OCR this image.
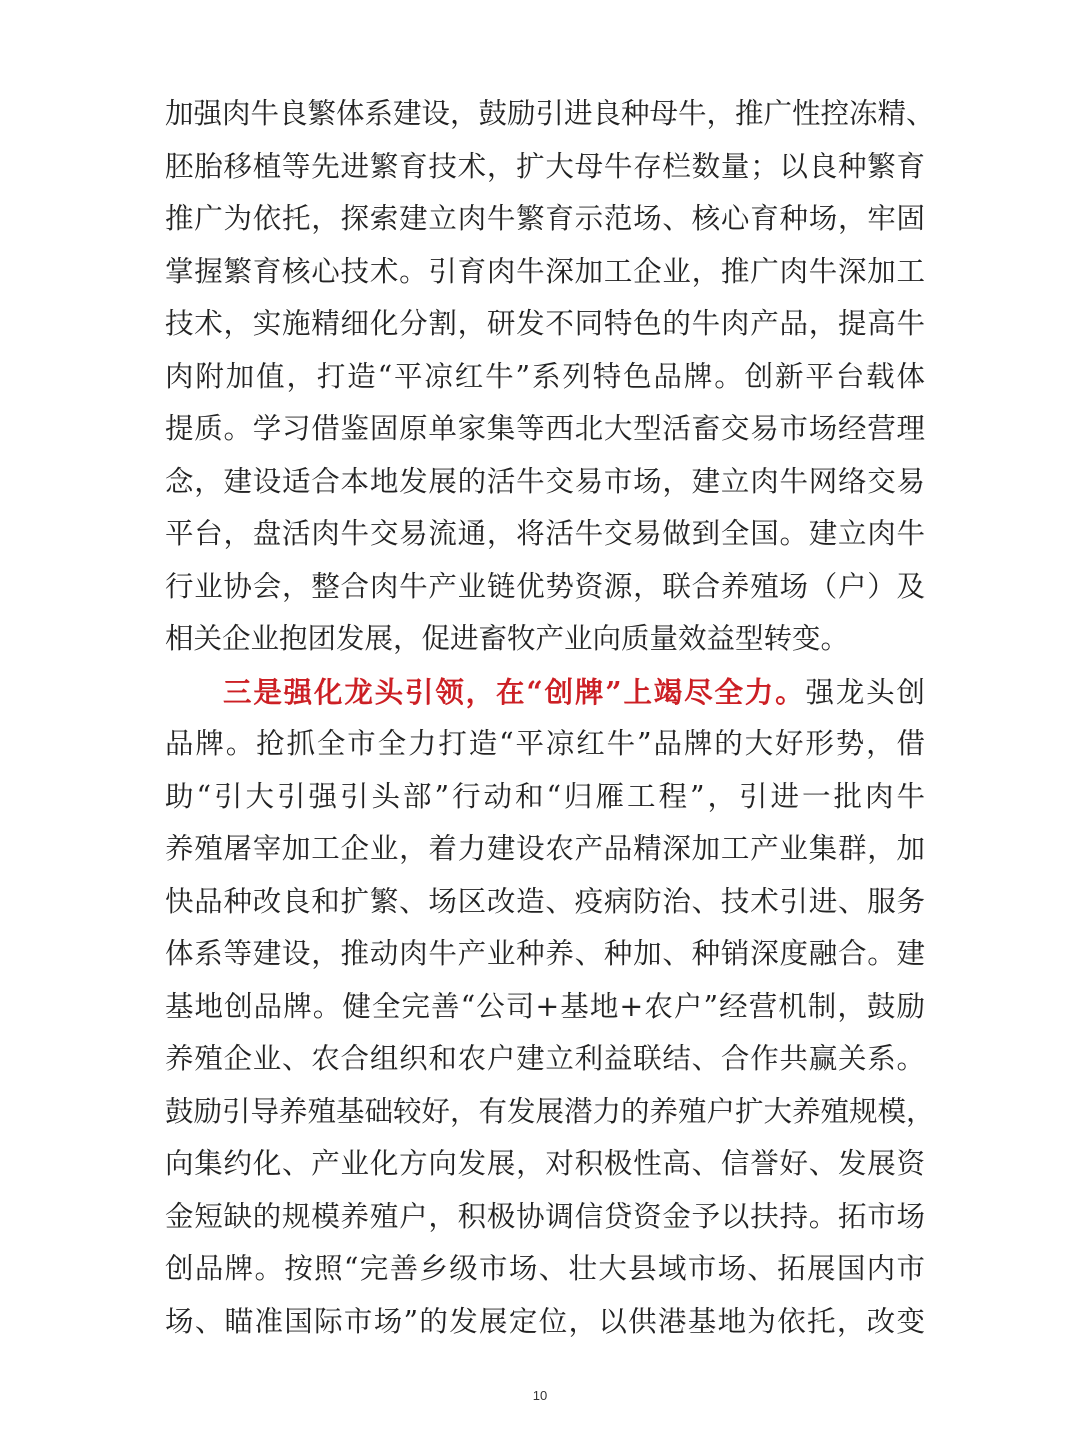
加强肉牛良繁体系建设，鼓励引进良种母牛，推广性控冻精、
胚胎移植等先进繁育技术，扩大母牛存栏数量；以良种繁育
推广为依托，探索建立肉牛繁育示范场、核心育种场，牢固
掌握繁育核心技术。引育肉牛深加工企业，推广肉牛深加工
技术，实施精细化分割，研发不同特色的牛肉产品，提高牛
肉附加值，打造“平凉红牛”系列特色品牌。创新平台载体
提质。学习借鉴固原单家集等西北大型活畜交易市场经营理
念，建设适合本地发展的活牛交易市场，建立肉牛网络交易
平台，盘活肉牛交易流通，将活牛交易做到全国。建立肉牛
行业协会，整合肉牛产业链优势资源，联合养殖场（户）及
相关企业抱团发展，促进畜牧产业向质量效益型转变。
三是强化龙头引领，在“创牌”上竭尽全力。强龙头创
品牌。抢抓全市全力打造“平凉红牛”品牌的大好形势，借
助“引大引强引头部”行动和“归雁工程”，引进一批肉牛
养殖屠宰加工企业，着力建设农产品精深加工产业集群，加
快品种改良和扩繁、场区改造、疫病防治、技术引进、服务
体系等建设，推动肉牛产业种养、种加、种销深度融合。建
基地创品牌。健全完善“公司+基地+农户”经营机制，鼓励
养殖企业、农合组织和农户建立利益联结、合作共赢关系。
鼓励引导养殖基础较好，有发展潜力的养殖户扩大养殖规模，
向集约化、产业化方向发展，对积极性高、信誉好、发展资
金短缺的规模养殖户，积极协调信贷资金予以扶持。拓市场
创品牌。按照“完善乡级市场、壮大县域市场、拓展国内市
场、瞄准国际市场”的发展定位，以供港基地为依托，改变
10
